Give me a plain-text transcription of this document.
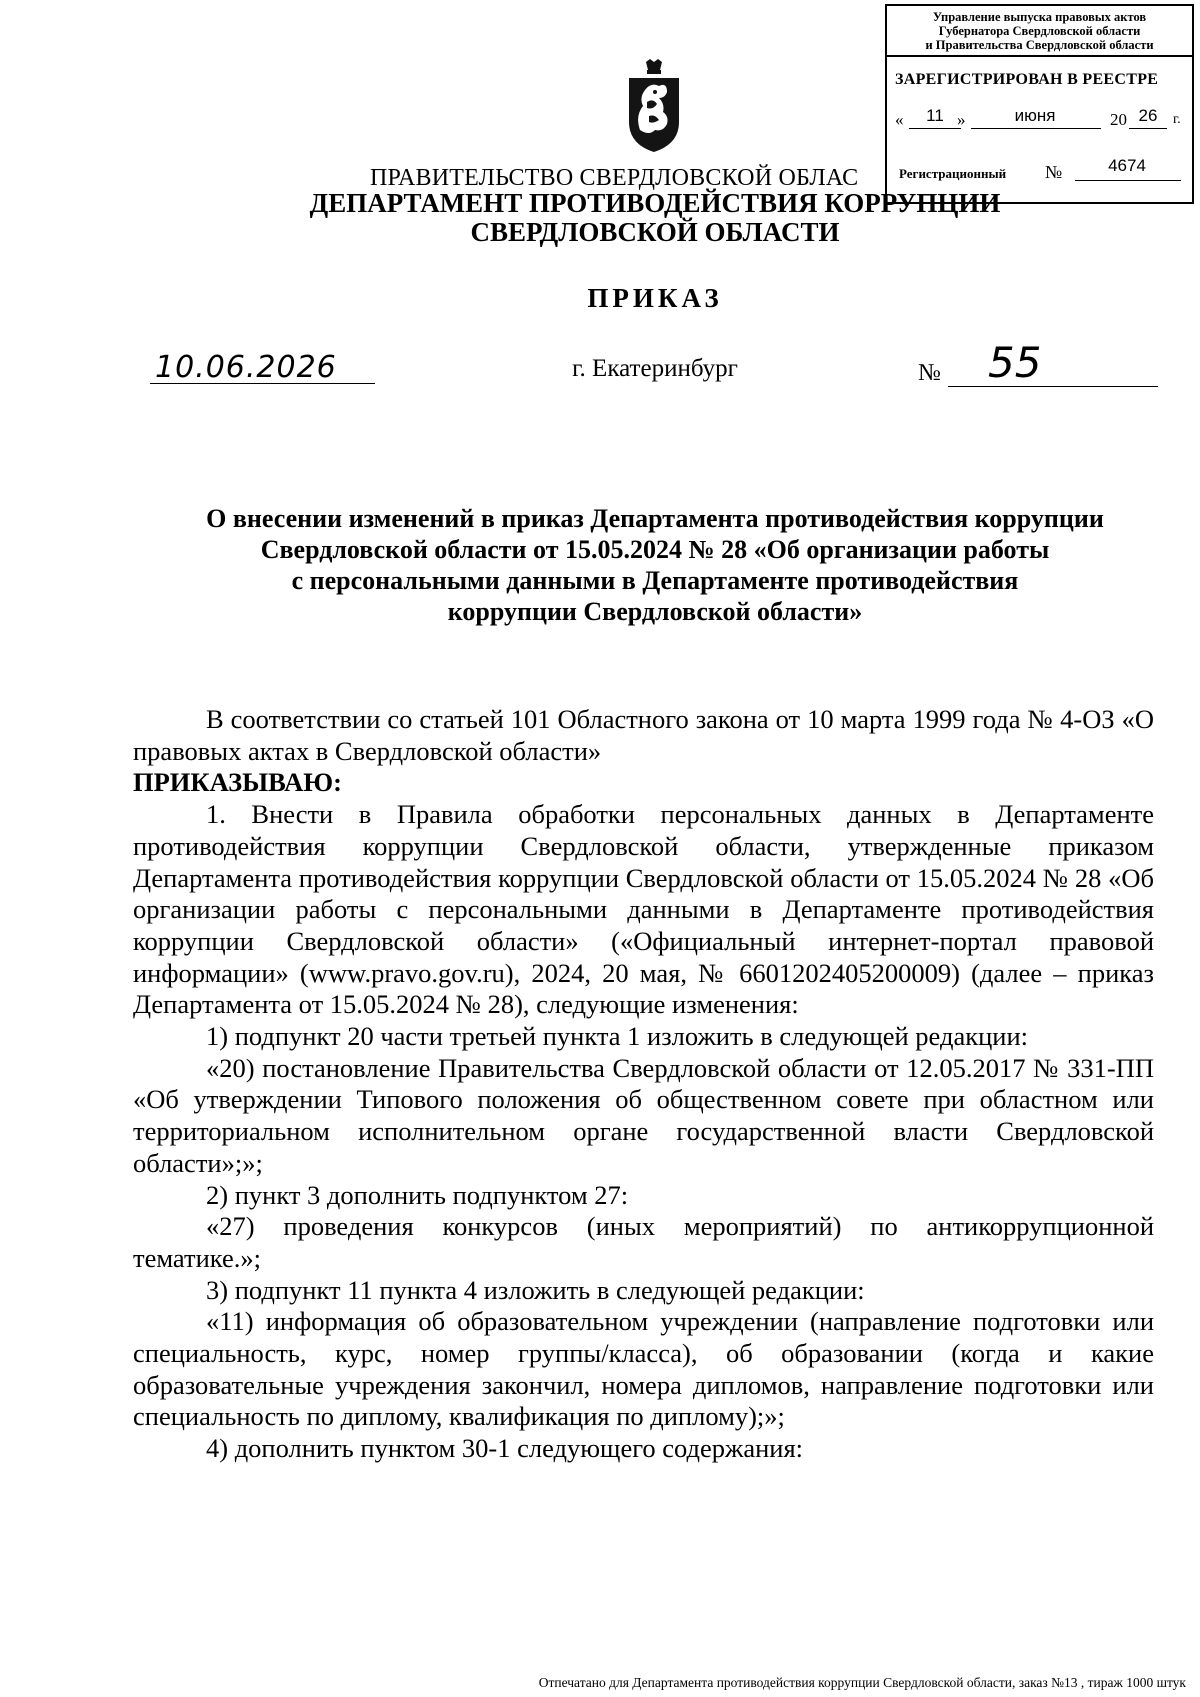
Управление выпуска правовых актов
Губернатора Свердловской области
и Правительства Свердловской области
ЗАРЕГИСТРИРОВАН В РЕЕСТРЕ
«	11 »	июня	20 26	г.
Регистрационный №	4674
ПРАВИТЕЛЬСТВО СВЕРДЛОВСКОЙ ОБЛАС
ДЕПАРТАМЕНТ ПРОТИВОДЕЙСТВИЯ КОРРУПЦИИ
СВЕРДЛОВСКОЙ ОБЛАСТИ
ПРИКАЗ
10.06.2026	№ 55
г. Екатеринбург
О внесении изменений в приказ Департамента противодействия коррупции
Свердловской области от 15.05.2024 № 28 «Об организации работы
с персональными данными в Департаменте противодействия
коррупции Свердловской области»

В соответствии со статьей 101 Областного закона от 10 марта 1999 года № 4-ОЗ «О правовых актах в Свердловской области»

ПРИКАЗЫВАЮ:

1. Внести в Правила обработки персональных данных в Департаменте противодействия коррупции Свердловской области, утвержденные приказом Департамента противодействия коррупции Свердловской области от 15.05.2024 № 28 «Об организации работы с персональными данными в Департаменте противодействия коррупции Свердловской области» («Официальный интернет-портал правовой информации» (www.pravo.gov.ru), 2024, 20 мая, № 6601202405200009) (далее – приказ Департамента от 15.05.2024 № 28), следующие изменения:

1) подпункт 20 части третьей пункта 1 изложить в следующей редакции:

«20) постановление Правительства Свердловской области от 12.05.2017 № 331-ПП «Об утверждении Типового положения об общественном совете при областном или территориальном исполнительном органе государственной власти Свердловской области»;»;

2) пункт 3 дополнить подпунктом 27:

«27) проведения конкурсов (иных мероприятий) по антикоррупционной тематике.»;

3) подпункт 11 пункта 4 изложить в следующей редакции:

«11) информация об образовательном учреждении (направление подготовки или специальность, курс, номер группы/класса), об образовании (когда и какие образовательные учреждения закончил, номера дипломов, направление подготовки или специальность по диплому, квалификация по диплому);»;

4) дополнить пунктом 30-1 следующего содержания:

Отпечатано для Департамента противодействия коррупции Свердловской области, заказ №13 , тираж 1000 штук
